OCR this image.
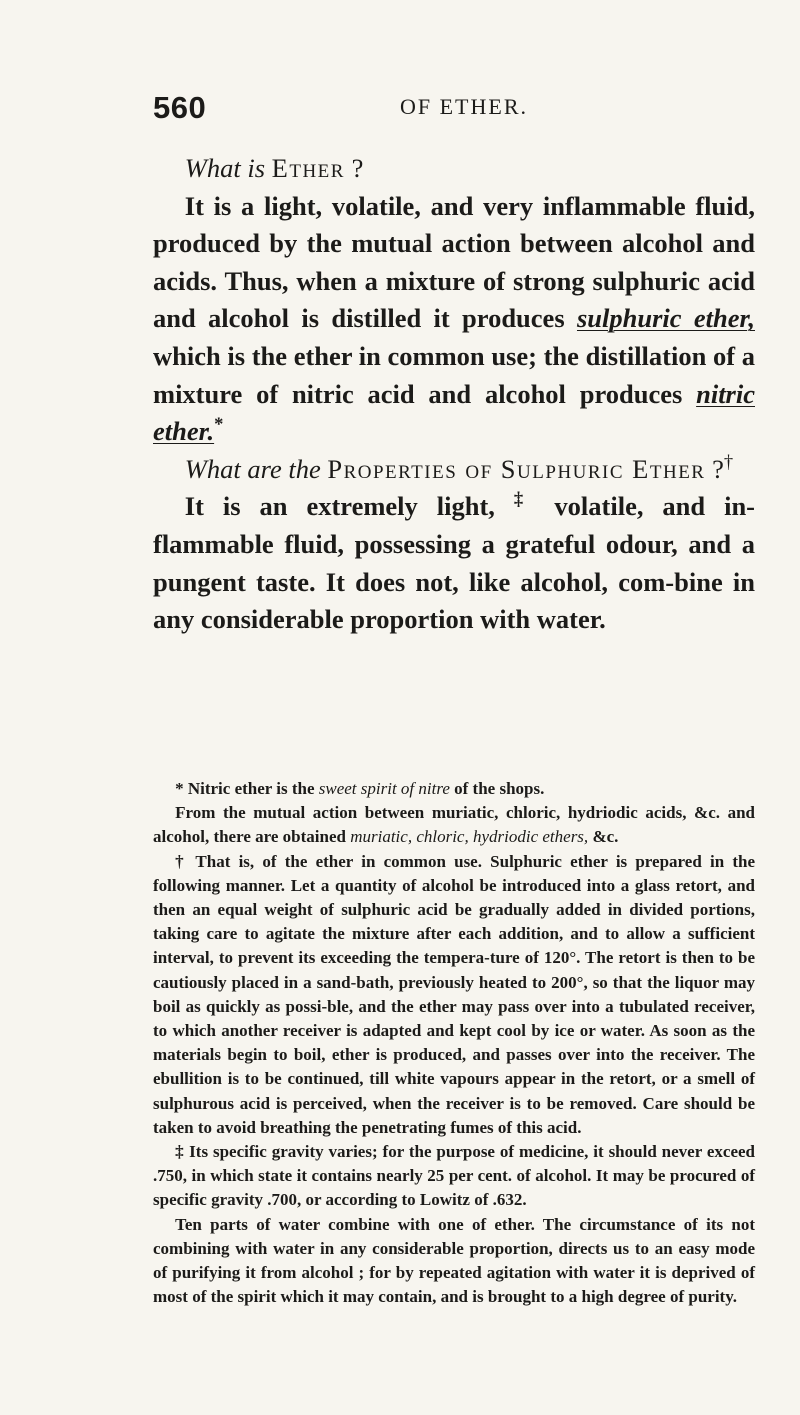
560	OF ETHER.

What is Ether ?

It is a light, volatile, and very inflammable fluid, produced by the mutual action between alcohol and acids. Thus, when a mixture of strong sulphuric acid and alcohol is distilled it produces sulphuric ether, which is the ether in common use; the distillation of a mixture of nitric acid and alcohol produces nitric ether.*

What are the Properties of Sulphuric Ether ?†

It is an extremely light, ‡ volatile, and in-flammable fluid, possessing a grateful odour, and a pungent taste. It does not, like alcohol, com-bine in any considerable proportion with water.

* Nitric ether is the sweet spirit of nitre of the shops.

From the mutual action between muriatic, chloric, hydriodic acids, &c. and alcohol, there are obtained muriatic, chloric, hydriodic ethers, &c.

† That is, of the ether in common use. Sulphuric ether is prepared in the following manner. Let a quantity of alcohol be introduced into a glass retort, and then an equal weight of sulphuric acid be gradually added in divided portions, taking care to agitate the mixture after each addition, and to allow a sufficient interval, to prevent its exceeding the tempera-ture of 120°. The retort is then to be cautiously placed in a sand-bath, previously heated to 200°, so that the liquor may boil as quickly as possi-ble, and the ether may pass over into a tubulated receiver, to which another receiver is adapted and kept cool by ice or water. As soon as the materials begin to boil, ether is produced, and passes over into the receiver. The ebullition is to be continued, till white vapours appear in the retort, or a smell of sulphurous acid is perceived, when the receiver is to be removed. Care should be taken to avoid breathing the penetrating fumes of this acid.

‡ Its specific gravity varies; for the purpose of medicine, it should never exceed .750, in which state it contains nearly 25 per cent. of alcohol. It may be procured of specific gravity .700, or according to Lowitz of .632.

Ten parts of water combine with one of ether. The circumstance of its not combining with water in any considerable proportion, directs us to an easy mode of purifying it from alcohol ; for by repeated agitation with water it is deprived of most of the spirit which it may contain, and is brought to a high degree of purity.
